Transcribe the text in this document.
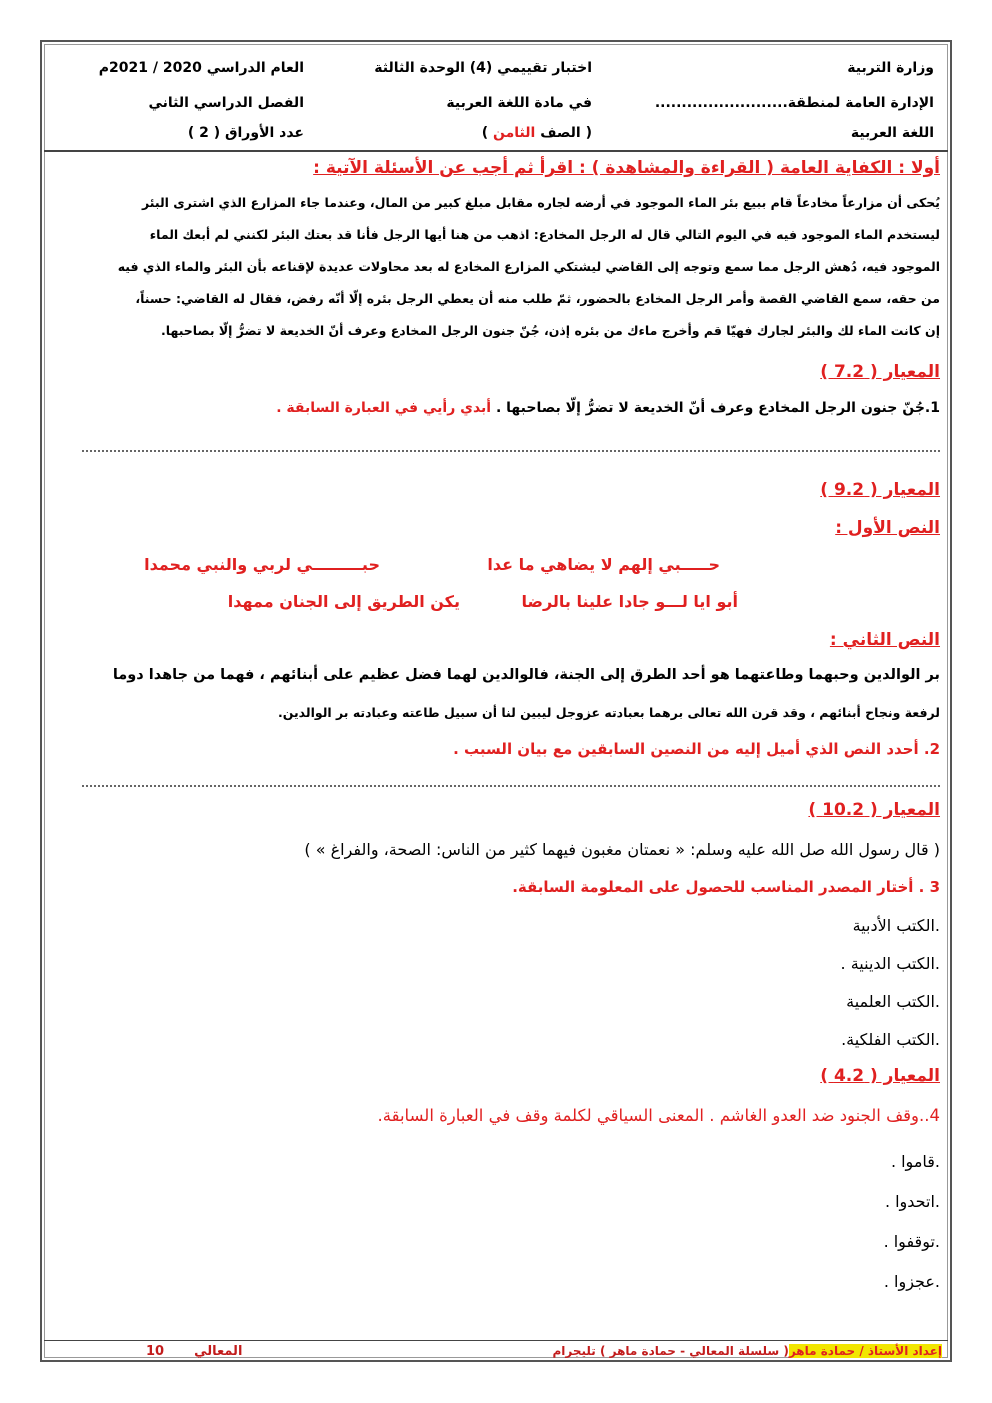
وزارة التربية
الإدارة العامة لمنطقة.........................
اللغة العربية
اختبار تقييمي (4) الوحدة الثالثة
في مادة اللغة العربية
( الصف الثامن )
العام الدراسي 2020 / 2021م
الفصل الدراسي الثاني
عدد الأوراق ( 2 )
أولا : الكفاية العامة ( القراءة والمشاهدة ) : اقرأ ثم أجب عن الأسئلة الآتية :
يُحكى أن مزارعاً مخادعاً قام ببيع بئر الماء الموجود في أرضه لجاره مقابل مبلغ كبير من المال، وعندما جاء المزارع الذي اشترى البئر
ليستخدم الماء الموجود فيه في اليوم التالي قال له الرجل المخادع: اذهب من هنا أيها الرجل فأنا قد بعتك البئر لكنني لم أبعك الماء
الموجود فيه، دُهش الرجل مما سمع وتوجه إلى القاضي ليشتكي المزارع المخادع له بعد محاولات عديدة لإقناعه بأن البئر والماء الذي فيه
من حقه، سمع القاضي القصة وأمر الرجل المخادع بالحضور، ثمّ طلب منه أن يعطي الرجل بئره إلّا أنّه رفض، فقال له القاضي: حسناً،
إن كانت الماء لك والبئر لجارك فهيّا قم وأخرج ماءك من بئره إذن، جُنّ جنون الرجل المخادع وعرف أنّ الخديعة لا تضرُّ إلّا بصاحبها.
المعيار ( 7.2 )
1.جُنّ جنون الرجل المخادع وعرف أنّ الخديعة لا تضرُّ إلّا بصاحبها . أبدي رأيي في العبارة السابقة .
المعيار ( 9.2 )
النص الأول :
حـــــبي إلهم لا يضاهي ما عدا
حبـــــــــي لربي والنبي محمدا
أبو ايا لـــو جادا علينا بالرضا
يكن الطريق إلى الجنان ممهدا
النص الثاني :
بر الوالدين وحبهما وطاعتهما هو أحد الطرق إلى الجنة، فالوالدين لهما فضل عظيم على أبنائهم ، فهما من جاهدا دوما
لرفعة ونجاح أبنائهم ، وقد قرن الله تعالى برهما بعبادته عزوجل ليبين لنا أن سبيل طاعته وعبادته بر الوالدين.
2. أحدد النص الذي أميل إليه من النصين السابقين مع بيان السبب .
المعيار ( 10.2 )
( قال رسول الله صل الله عليه وسلم: « نعمتان مغبون فيهما كثير من الناس: الصحة، والفراغ » )
3 . أختار المصدر المناسب للحصول على المعلومة السابقة.
.الكتب الأدبية
.الكتب الدينية .
.الكتب العلمية
.الكتب الفلكية.
المعيار ( 4.2 )
4..وقف الجنود ضد العدو الغاشم . المعنى السياقي لكلمة وقف في العبارة السابقة.
.قاموا .
.اتحدوا .
.توقفوا .
.عجزوا .
إعداد الأستاذ / حمادة ماهر( سلسلة المعالي - حمادة ماهر ) تليجرام
المعالي10
